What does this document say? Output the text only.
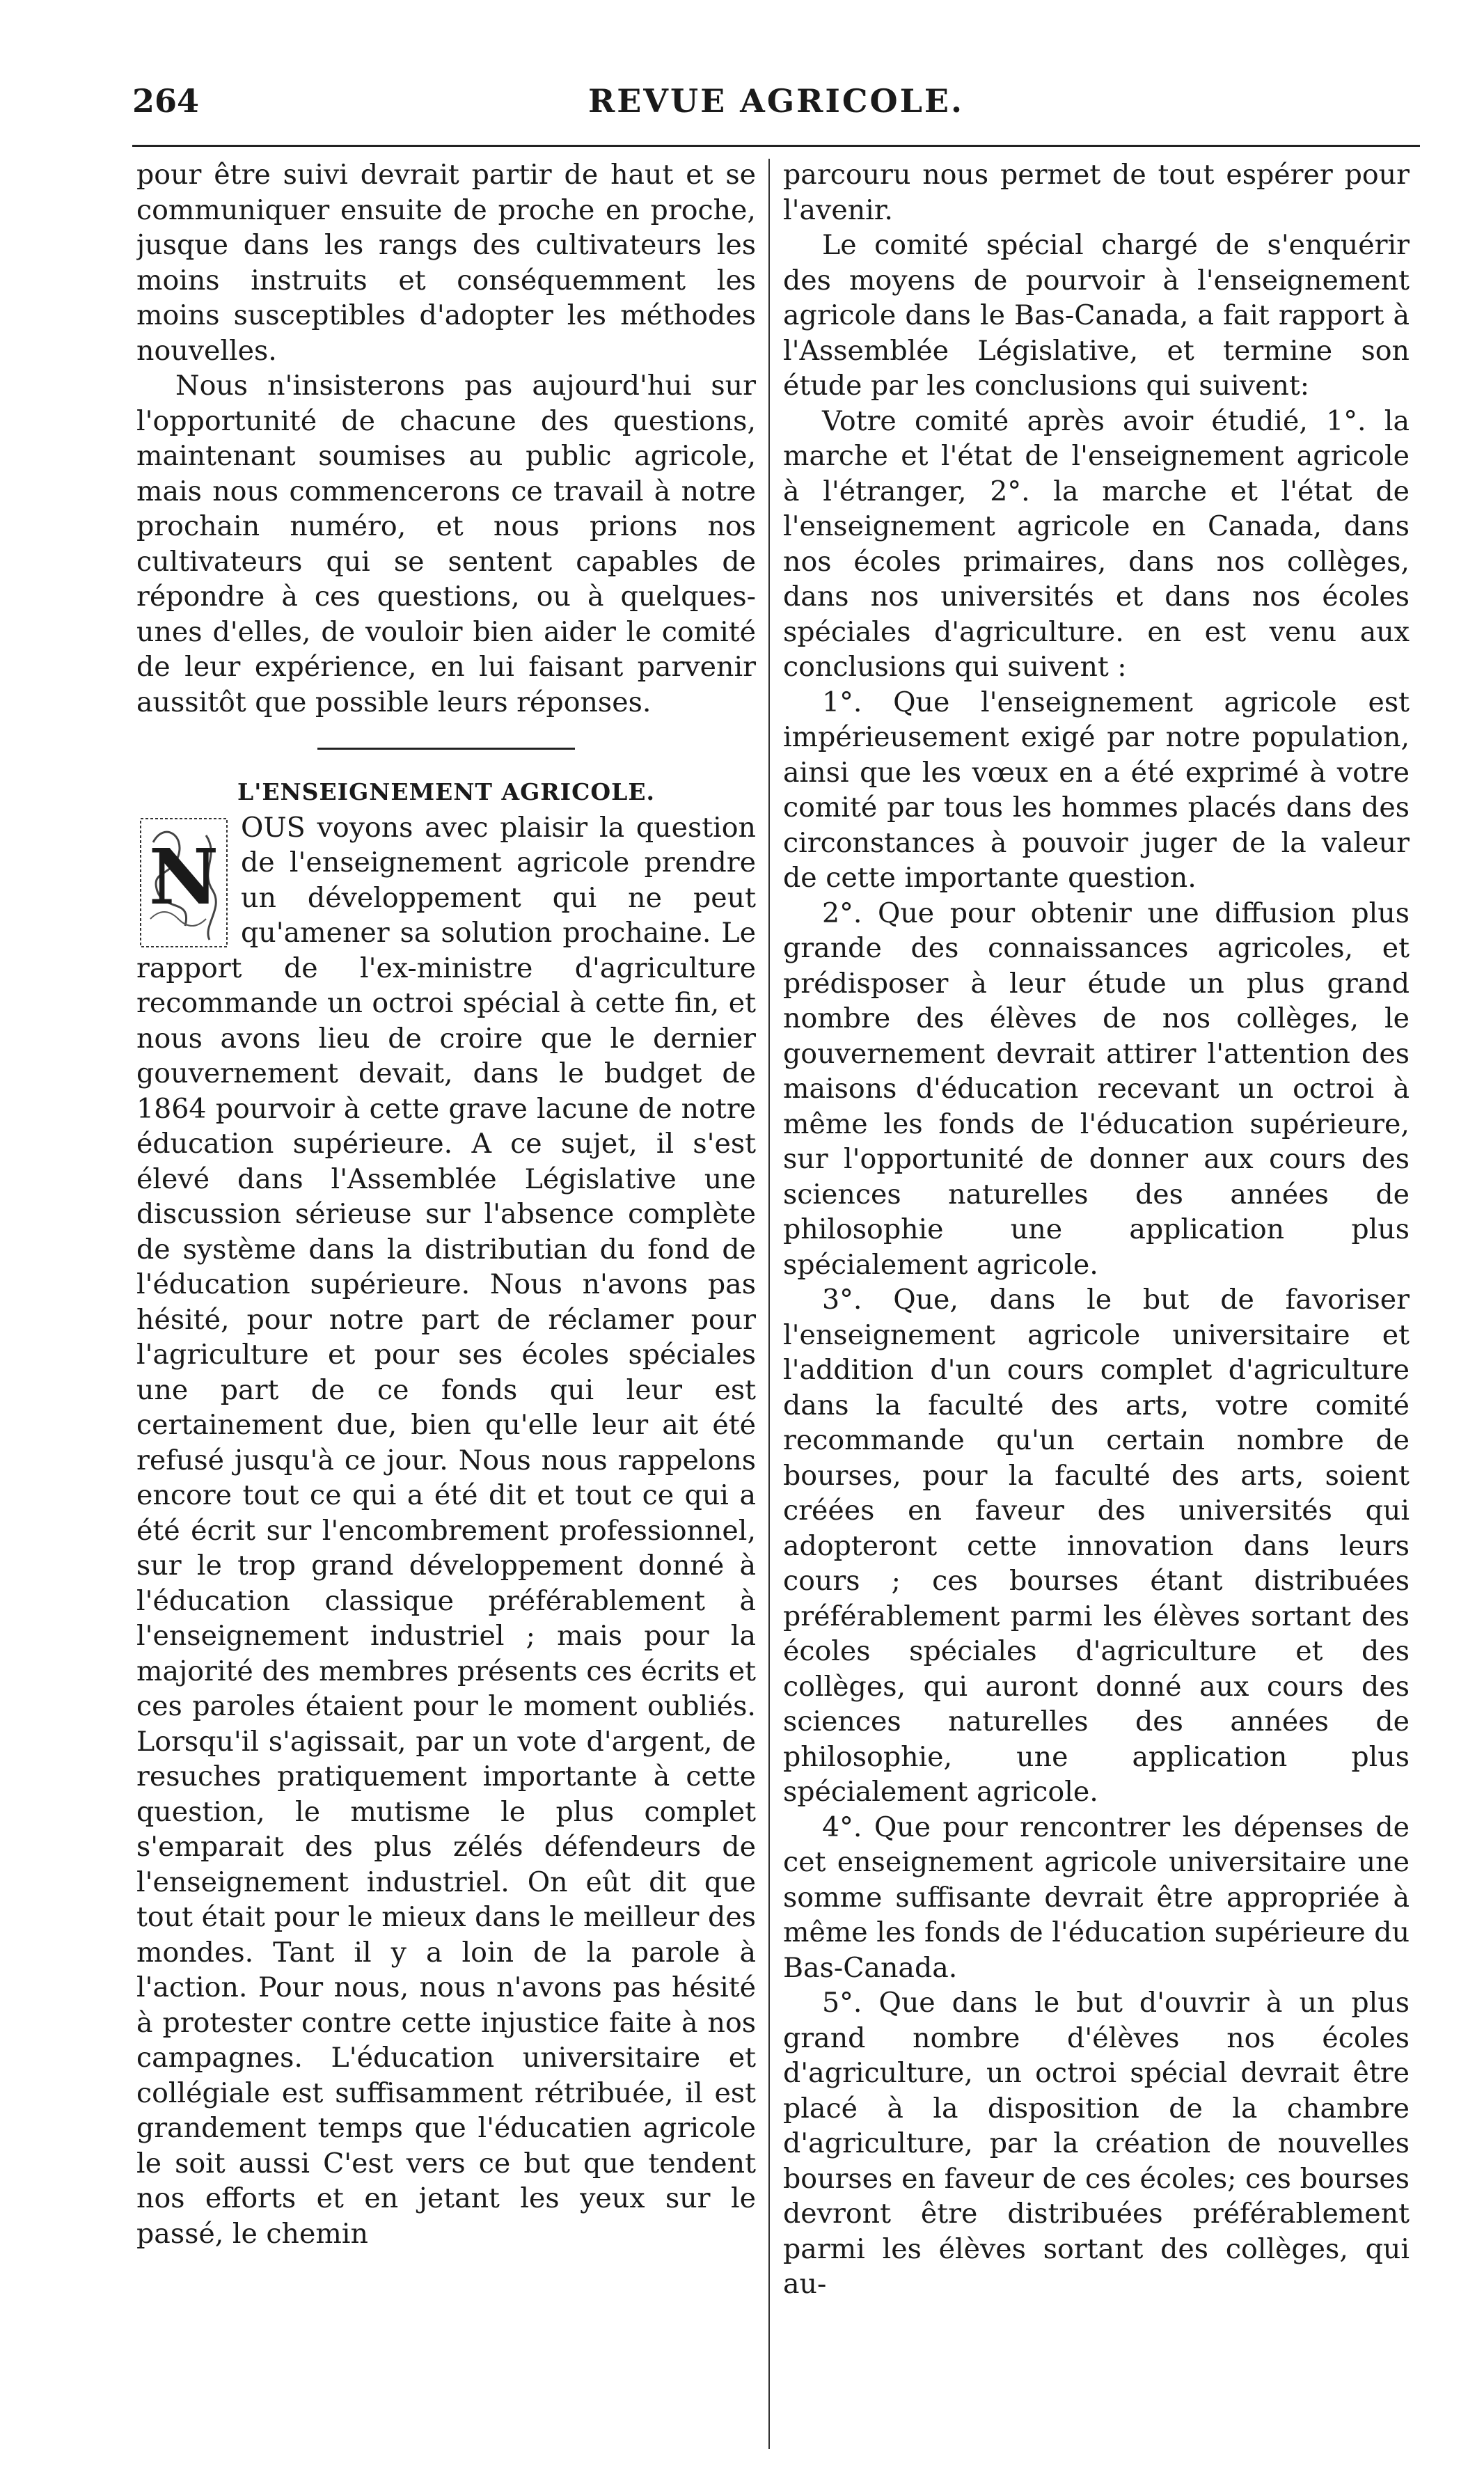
264	REVUE AGRICOLE.

pour être suivi devrait partir de haut et se communiquer ensuite de proche en proche, jusque dans les rangs des cultivateurs les moins instruits et conséquemment les moins susceptibles d'adopter les méthodes nouvelles.

Nous n'insisterons pas aujourd'hui sur l'opportunité de chacune des questions, maintenant soumises au public agricole, mais nous commencerons ce travail à notre prochain numéro, et nous prions nos cultivateurs qui se sentent capables de répondre à ces questions, ou à quelques-unes d'elles, de vouloir bien aider le comité de leur expérience, en lui faisant parvenir aussitôt que possible leurs réponses.

L'ENSEIGNEMENT AGRICOLE.

N

OUS voyons avec plaisir la question de l'enseignement agricole prendre un développement qui ne peut qu'amener sa solution prochaine. Le rapport de l'ex-ministre d'agriculture recommande un octroi spécial à cette fin, et nous avons lieu de croire que le dernier gouvernement devait, dans le budget de 1864 pourvoir à cette grave lacune de notre éducation supérieure. A ce sujet, il s'est élevé dans l'Assemblée Législative une discussion sérieuse sur l'absence complète de système dans la distributian du fond de l'éducation supérieure. Nous n'avons pas hésité, pour notre part de réclamer pour l'agriculture et pour ses écoles spéciales une part de ce fonds qui leur est certainement due, bien qu'elle leur ait été refusé jusqu'à ce jour. Nous nous rappelons encore tout ce qui a été dit et tout ce qui a été écrit sur l'encombrement professionnel, sur le trop grand développement donné à l'éducation classique préférablement à l'enseignement industriel ; mais pour la majorité des membres présents ces écrits et ces paroles étaient pour le moment oubliés. Lorsqu'il s'agissait, par un vote d'argent, de resuches pratiquement importante à cette question, le mutisme le plus complet s'emparait des plus zélés défendeurs de l'enseignement industriel. On eût dit que tout était pour le mieux dans le meilleur des mondes. Tant il y a loin de la parole à l'action. Pour nous, nous n'avons pas hésité à protester contre cette injustice faite à nos campagnes. L'éducation universitaire et collégiale est suffisamment rétribuée, il est grandement temps que l'éducatien agricole le soit aussi C'est vers ce but que tendent nos efforts et en jetant les yeux sur le passé, le chemin

parcouru nous permet de tout espérer pour l'avenir.

Le comité spécial chargé de s'enquérir des moyens de pourvoir à l'enseignement agricole dans le Bas-Canada, a fait rapport à l'Assemblée Législative, et termine son étude par les conclusions qui suivent:

Votre comité après avoir étudié, 1°. la marche et l'état de l'enseignement agricole à l'étranger, 2°. la marche et l'état de l'enseignement agricole en Canada, dans nos écoles primaires, dans nos collèges, dans nos universités et dans nos écoles spéciales d'agriculture. en est venu aux conclusions qui suivent :

1°. Que l'enseignement agricole est impérieusement exigé par notre population, ainsi que les vœux en a été exprimé à votre comité par tous les hommes placés dans des circonstances à pouvoir juger de la valeur de cette importante question.

2°. Que pour obtenir une diffusion plus grande des connaissances agricoles, et prédisposer à leur étude un plus grand nombre des élèves de nos collèges, le gouvernement devrait attirer l'attention des maisons d'éducation recevant un octroi à même les fonds de l'éducation supérieure, sur l'opportunité de donner aux cours des sciences naturelles des années de philosophie une application plus spécialement agricole.

3°. Que, dans le but de favoriser l'enseignement agricole universitaire et l'addition d'un cours complet d'agriculture dans la faculté des arts, votre comité recommande qu'un certain nombre de bourses, pour la faculté des arts, soient créées en faveur des universités qui adopteront cette innovation dans leurs cours ; ces bourses étant distribuées préférablement parmi les élèves sortant des écoles spéciales d'agriculture et des collèges, qui auront donné aux cours des sciences naturelles des années de philosophie, une application plus spécialement agricole.

4°. Que pour rencontrer les dépenses de cet enseignement agricole universitaire une somme suffisante devrait être appropriée à même les fonds de l'éducation supérieure du Bas-Canada.

5°. Que dans le but d'ouvrir à un plus grand nombre d'élèves nos écoles d'agriculture, un octroi spécial devrait être placé à la disposition de la chambre d'agriculture, par la création de nouvelles bourses en faveur de ces écoles; ces bourses devront être distribuées préférablement parmi les élèves sortant des collèges, qui au-
